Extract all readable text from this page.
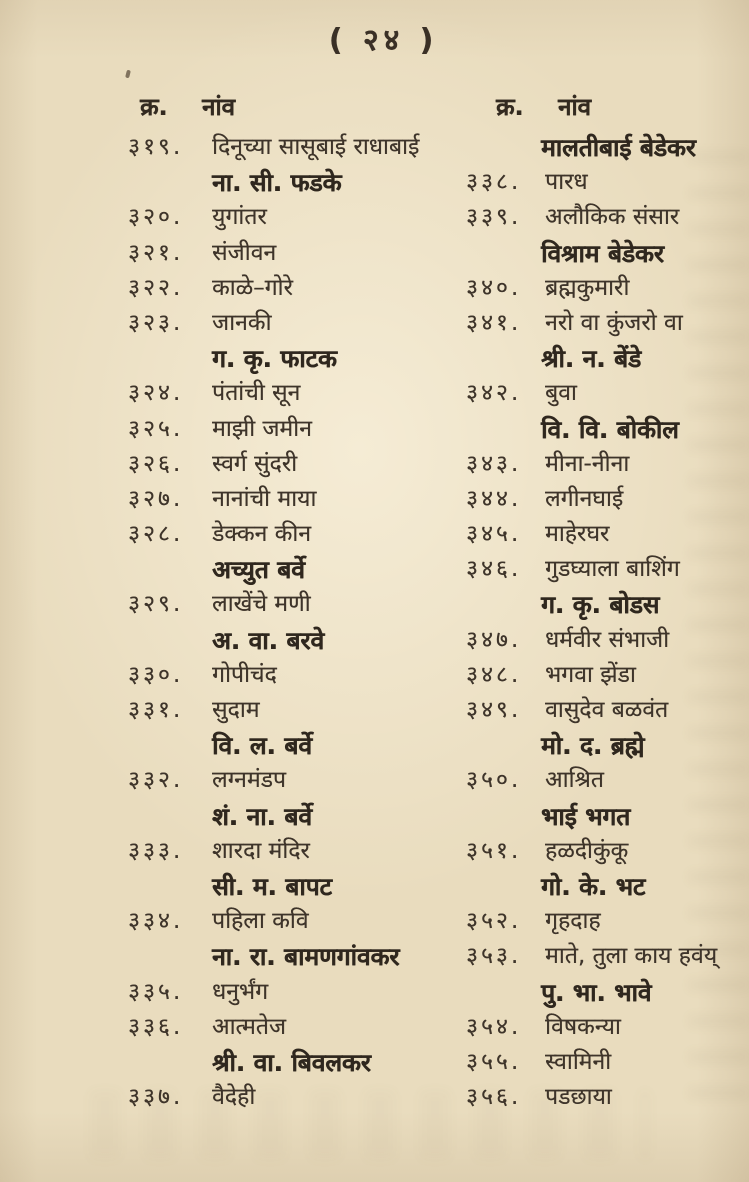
( २४ )
क्र.	नांव
३१९.	दिनूच्या सासूबाई राधाबाई
ना. सी. फडके
३२०.	युगांतर
३२१.	संजीवन
३२२.	काळे–गोरे
३२३.	जानकी
ग. कृ. फाटक
३२४.	पंतांची सून
३२५.	माझी जमीन
३२६.	स्वर्ग सुंदरी
३२७.	नानांची माया
३२८.	डेक्कन कीन
अच्युत बर्वे
३२९.	लाखेंचे मणी
अ. वा. बरवे
३३०.	गोपीचंद
३३१.	सुदाम
वि. ल. बर्वे
३३२.	लग्नमंडप
शं. ना. बर्वे
३३३.	शारदा मंदिर
सी. म. बापट
३३४.	पहिला कवि
ना. रा. बामणगांवकर
३३५.	धनुर्भंग
३३६.	आत्मतेज
श्री. वा. बिवलकर
३३७.	वैदेही
क्र.	नांव
मालतीबाई बेडेकर
३३८.	पारध
३३९.	अलौकिक संसार
विश्राम बेडेकर
३४०.	ब्रह्मकुमारी
३४१.	नरो वा कुंजरो वा
श्री. न. बेंडे
३४२.	बुवा
वि. वि. बोकील
३४३.	मीना-नीना
३४४.	लगीनघाई
३४५.	माहेरघर
३४६.	गुडघ्याला बाशिंग
ग. कृ. बोडस
३४७.	धर्मवीर संभाजी
३४८.	भगवा झेंडा
३४९.	वासुदेव बळवंत
मो. द. ब्रह्मे
३५०.	आश्रित
भाई भगत
३५१.	हळदीकुंकू
गो. के. भट
३५२.	गृहदाह
३५३.	माते, तुला काय हवंय्
पु. भा. भावे
३५४.	विषकन्या
३५५.	स्वामिनी
३५६.	पडछाया
